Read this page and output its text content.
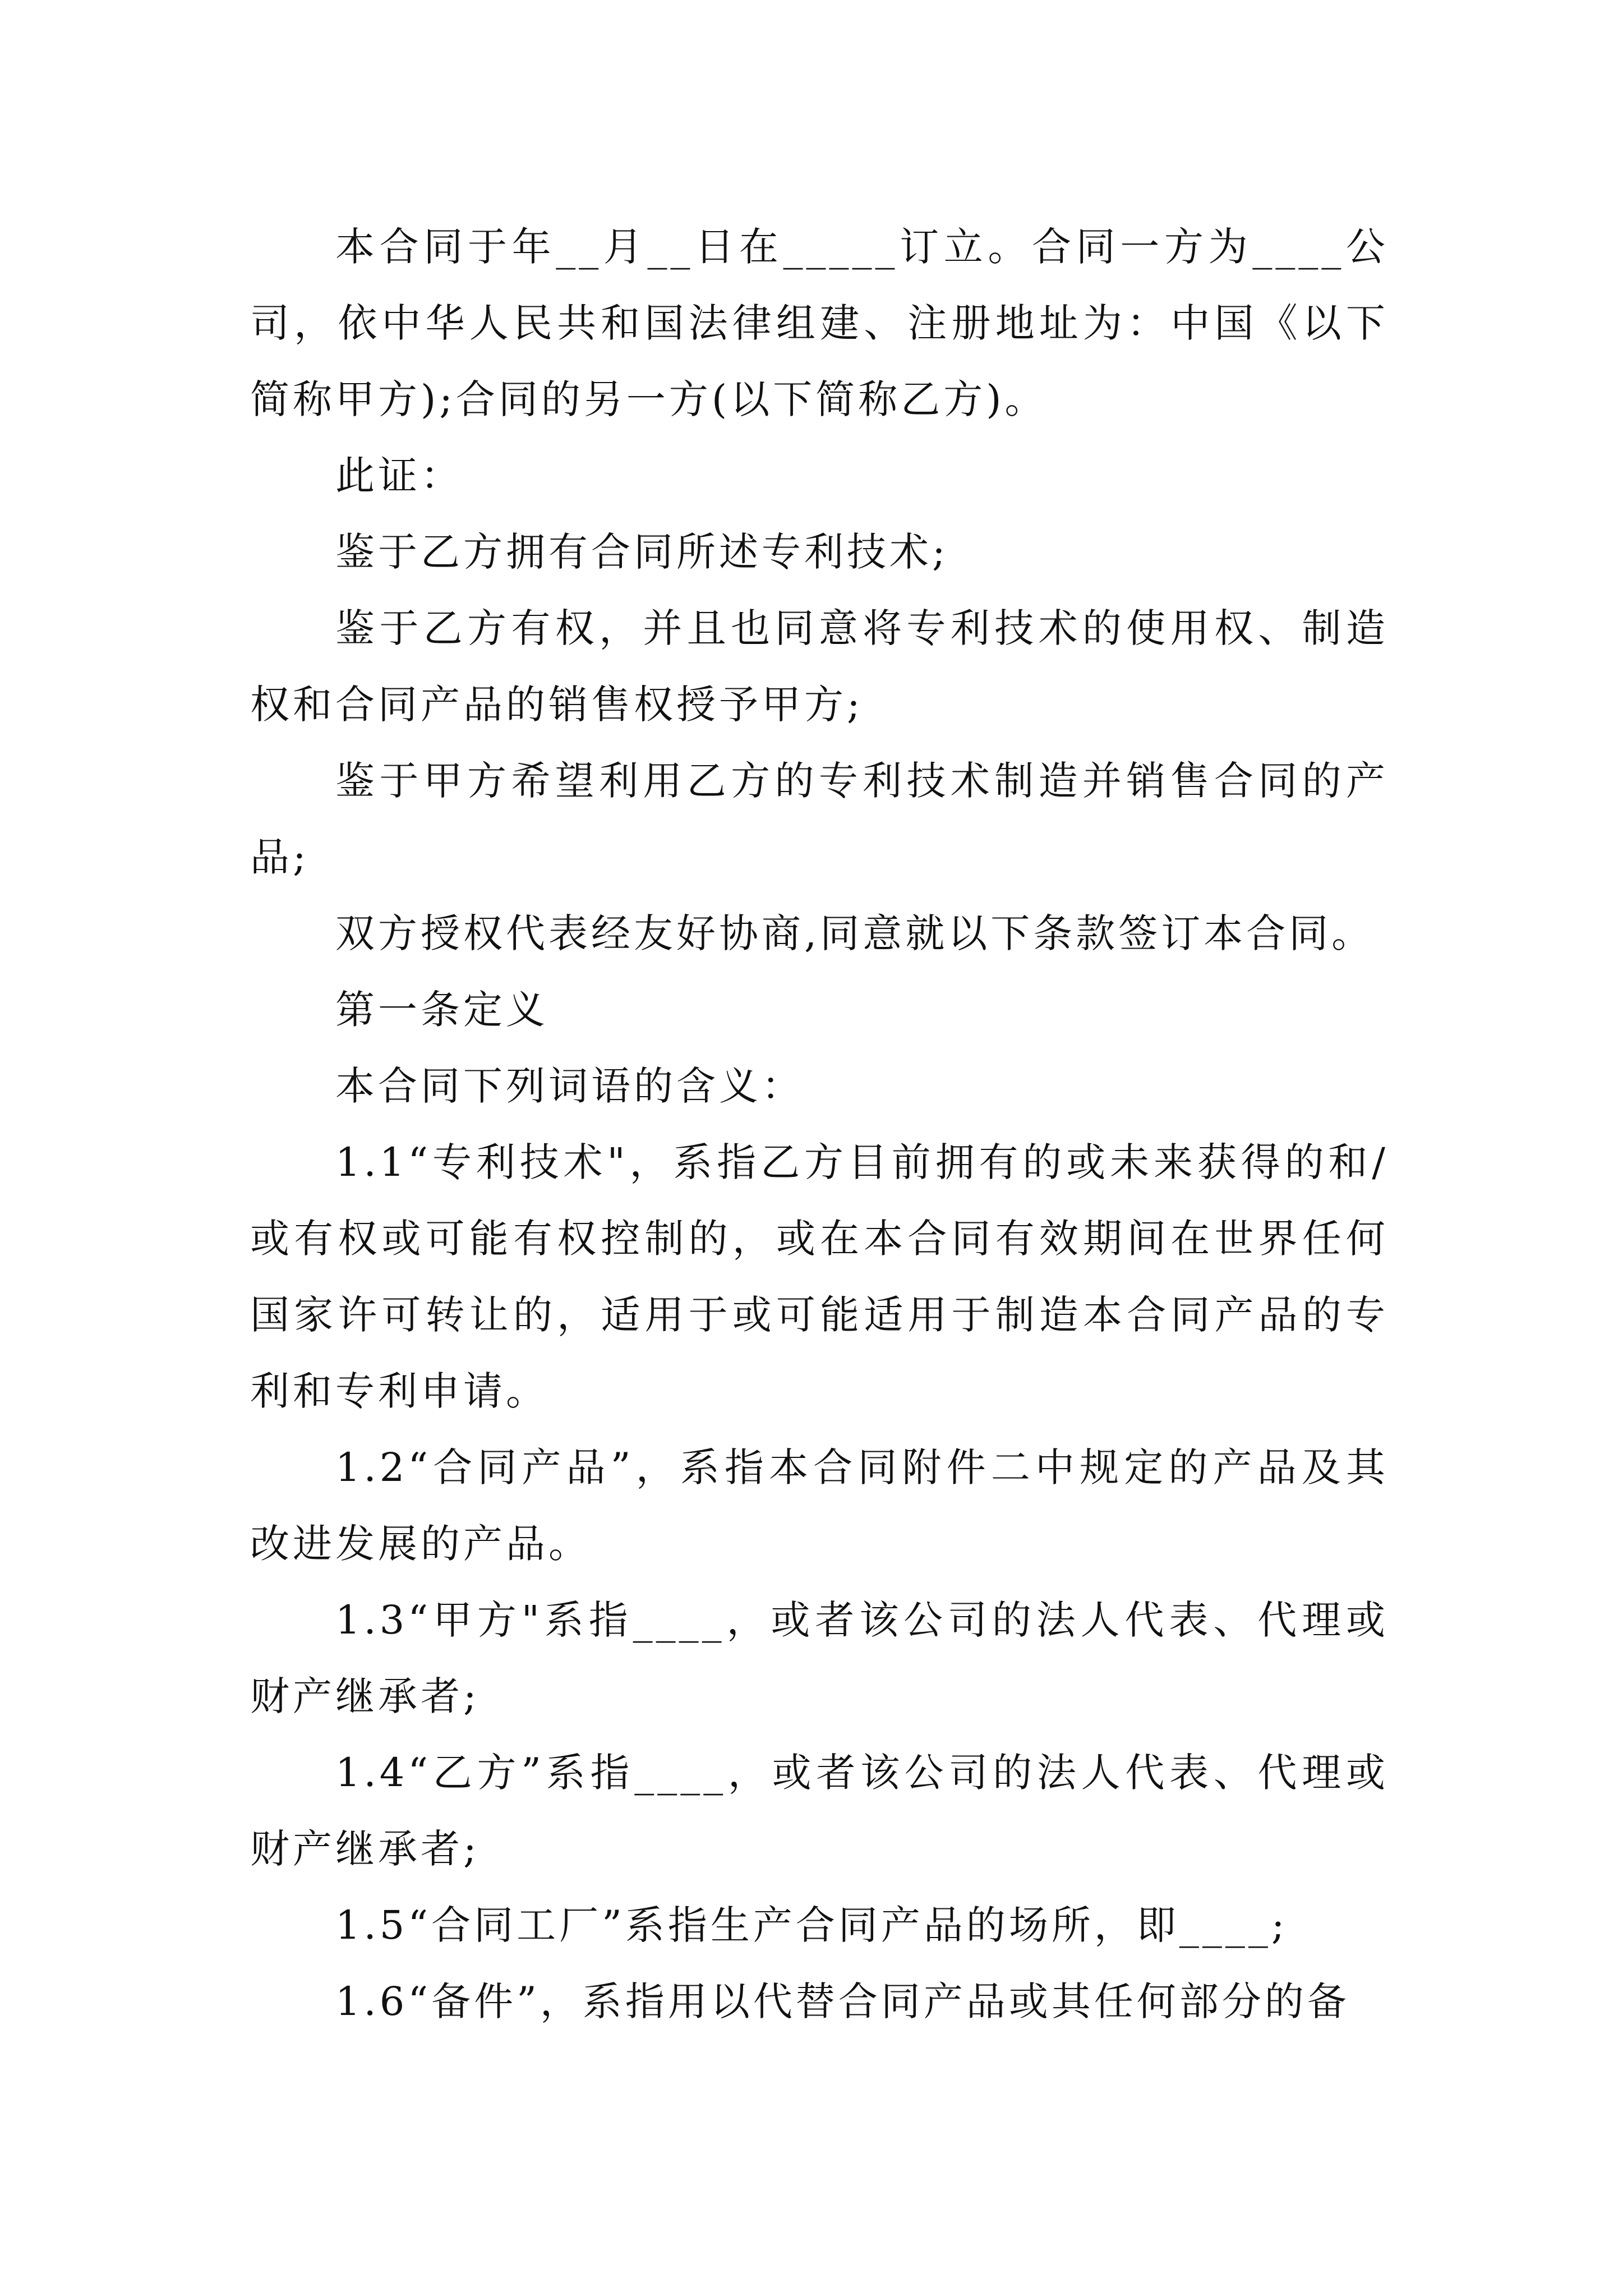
本合同于年__月__日在_____订立。合同一方为____公司，依中华人民共和国法律组建、注册地址为：中国《以下简称甲方);合同的另一方(以下简称乙方)。

此证：

鉴于乙方拥有合同所述专利技术;

鉴于乙方有权，并且也同意将专利技术的使用权、制造权和合同产品的销售权授予甲方;

鉴于甲方希望利用乙方的专利技术制造并销售合同的产品;

双方授权代表经友好协商,同意就以下条款签订本合同。

第一条定义

本合同下列词语的含义：

1.1“专利技术"，系指乙方目前拥有的或未来获得的和/或有权或可能有权控制的，或在本合同有效期间在世界任何国家许可转让的，适用于或可能适用于制造本合同产品的专利和专利申请。

1.2“合同产品”，系指本合同附件二中规定的产品及其改进发展的产品。

1.3“甲方"系指____，或者该公司的法人代表、代理或财产继承者;

1.4“乙方”系指____，或者该公司的法人代表、代理或财产继承者;

1.5“合同工厂”系指生产合同产品的场所，即____;

1.6“备件”，系指用以代替合同产品或其任何部分的备
